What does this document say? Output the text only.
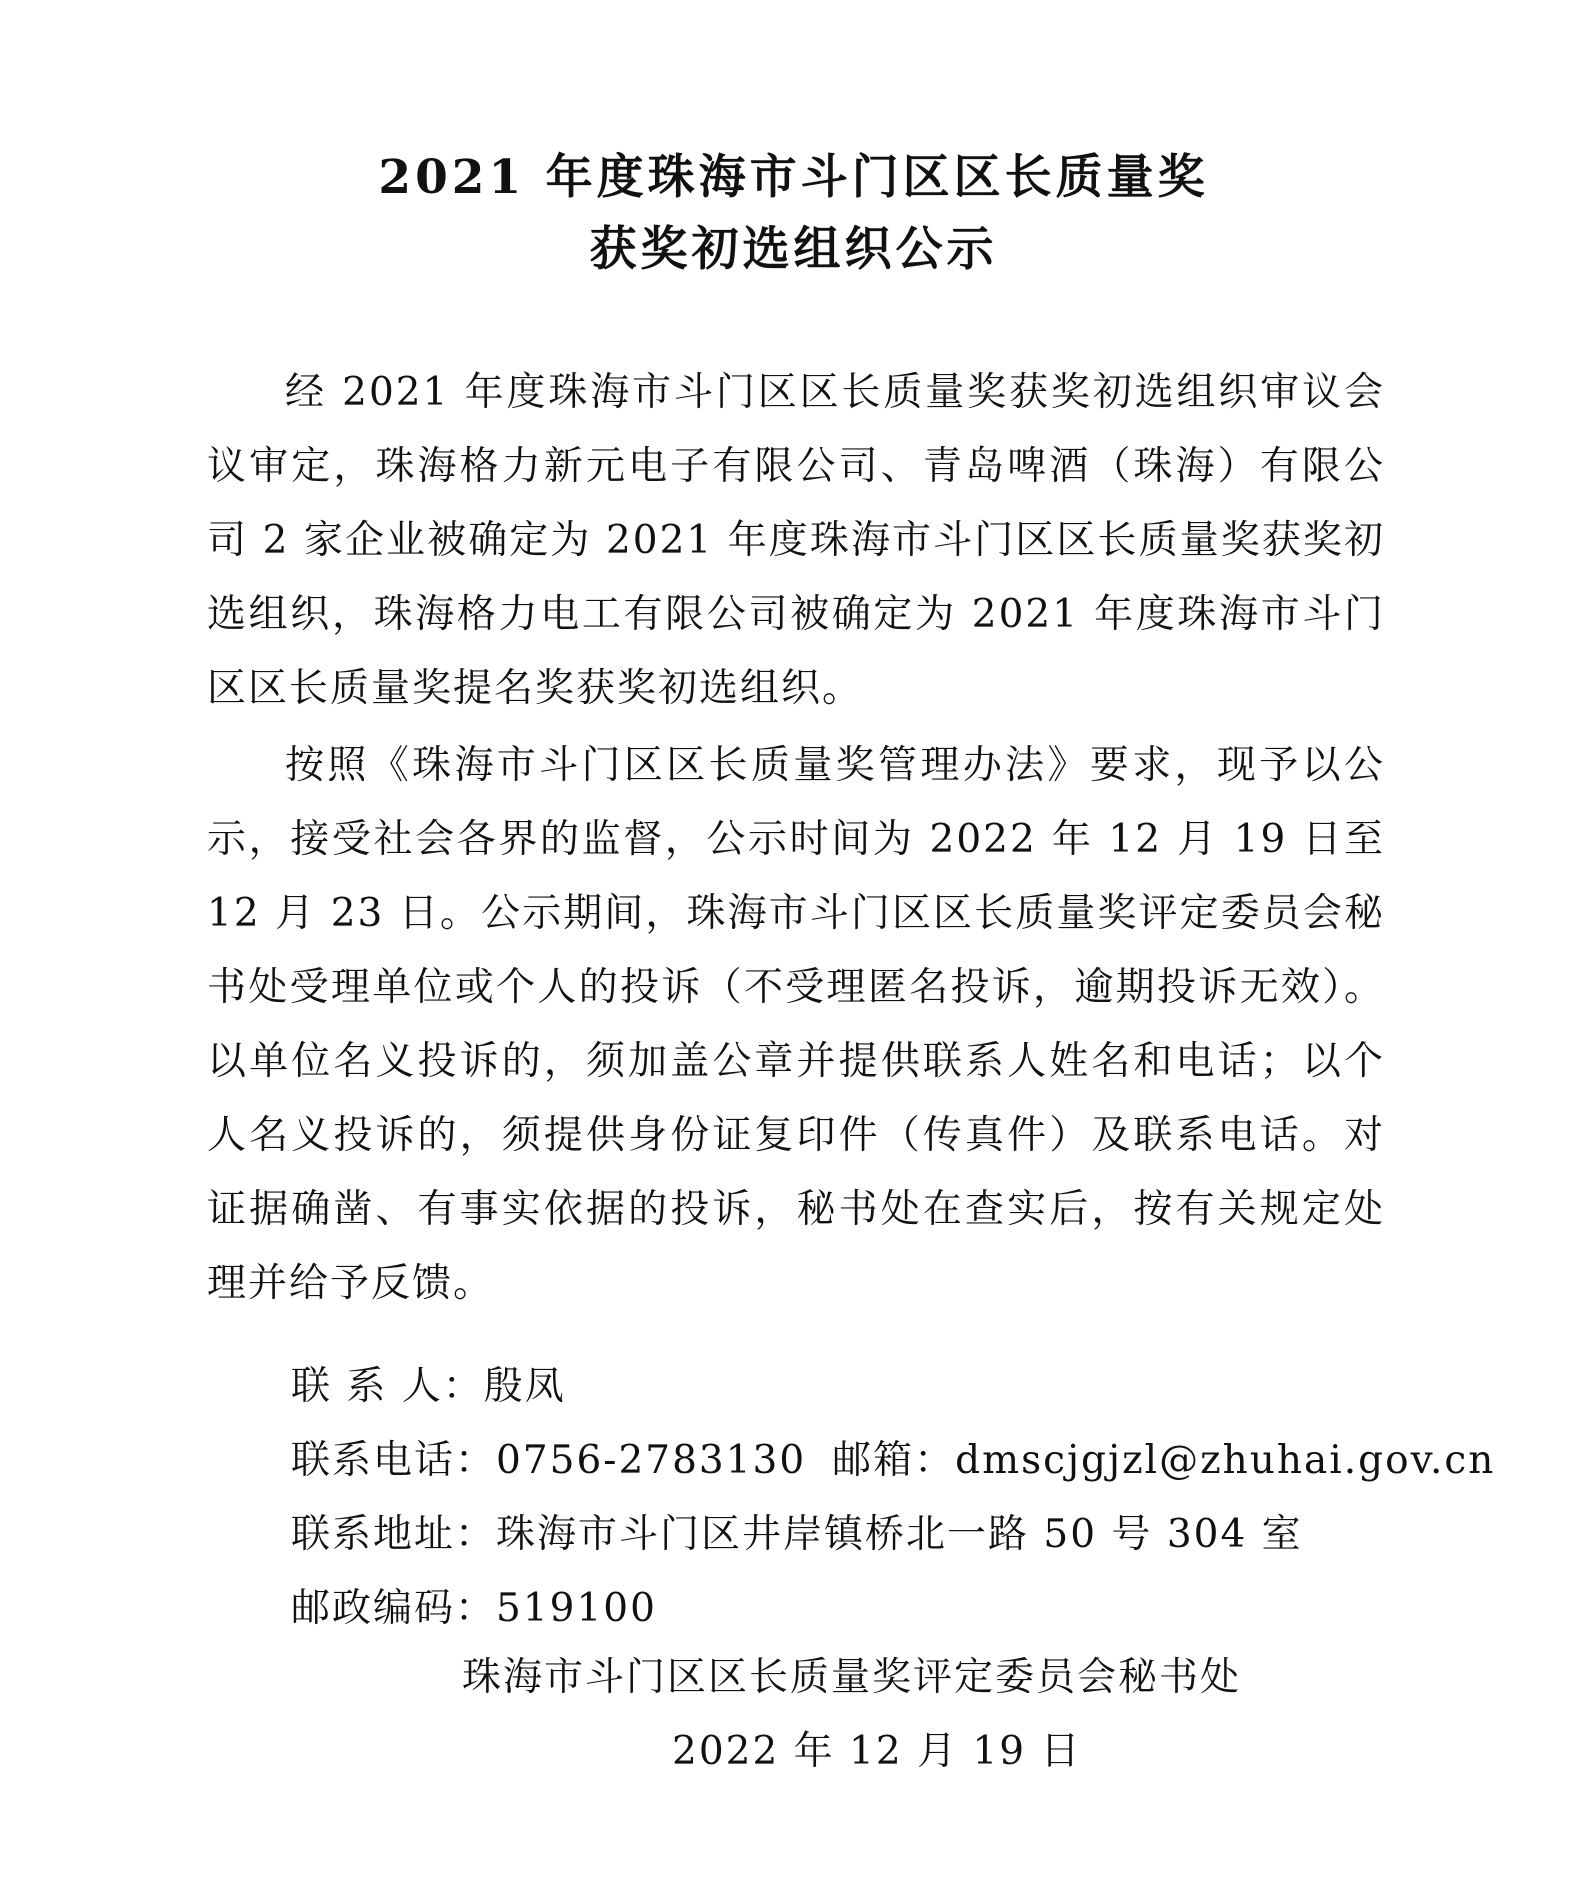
2021 年度珠海市斗门区区长质量奖
获奖初选组织公示

经 2021 年度珠海市斗门区区长质量奖获奖初选组织审议会议审定，珠海格力新元电子有限公司、青岛啤酒（珠海）有限公司 2 家企业被确定为 2021 年度珠海市斗门区区长质量奖获奖初选组织，珠海格力电工有限公司被确定为 2021 年度珠海市斗门区区长质量奖提名奖获奖初选组织。

按照《珠海市斗门区区长质量奖管理办法》要求，现予以公示，接受社会各界的监督，公示时间为 2022 年 12 月 19 日至 12 月 23 日。公示期间，珠海市斗门区区长质量奖评定委员会秘书处受理单位或个人的投诉（不受理匿名投诉，逾期投诉无效）。以单位名义投诉的，须加盖公章并提供联系人姓名和电话；以个人名义投诉的，须提供身份证复印件（传真件）及联系电话。对证据确凿、有事实依据的投诉，秘书处在查实后，按有关规定处理并给予反馈。

联 系 人：殷凤
联系电话：0756-2783130 邮箱：dmscjgjzl@zhuhai.gov.cn
联系地址：珠海市斗门区井岸镇桥北一路 50 号 304 室
邮政编码：519100
珠海市斗门区区长质量奖评定委员会秘书处
2022 年 12 月 19 日
